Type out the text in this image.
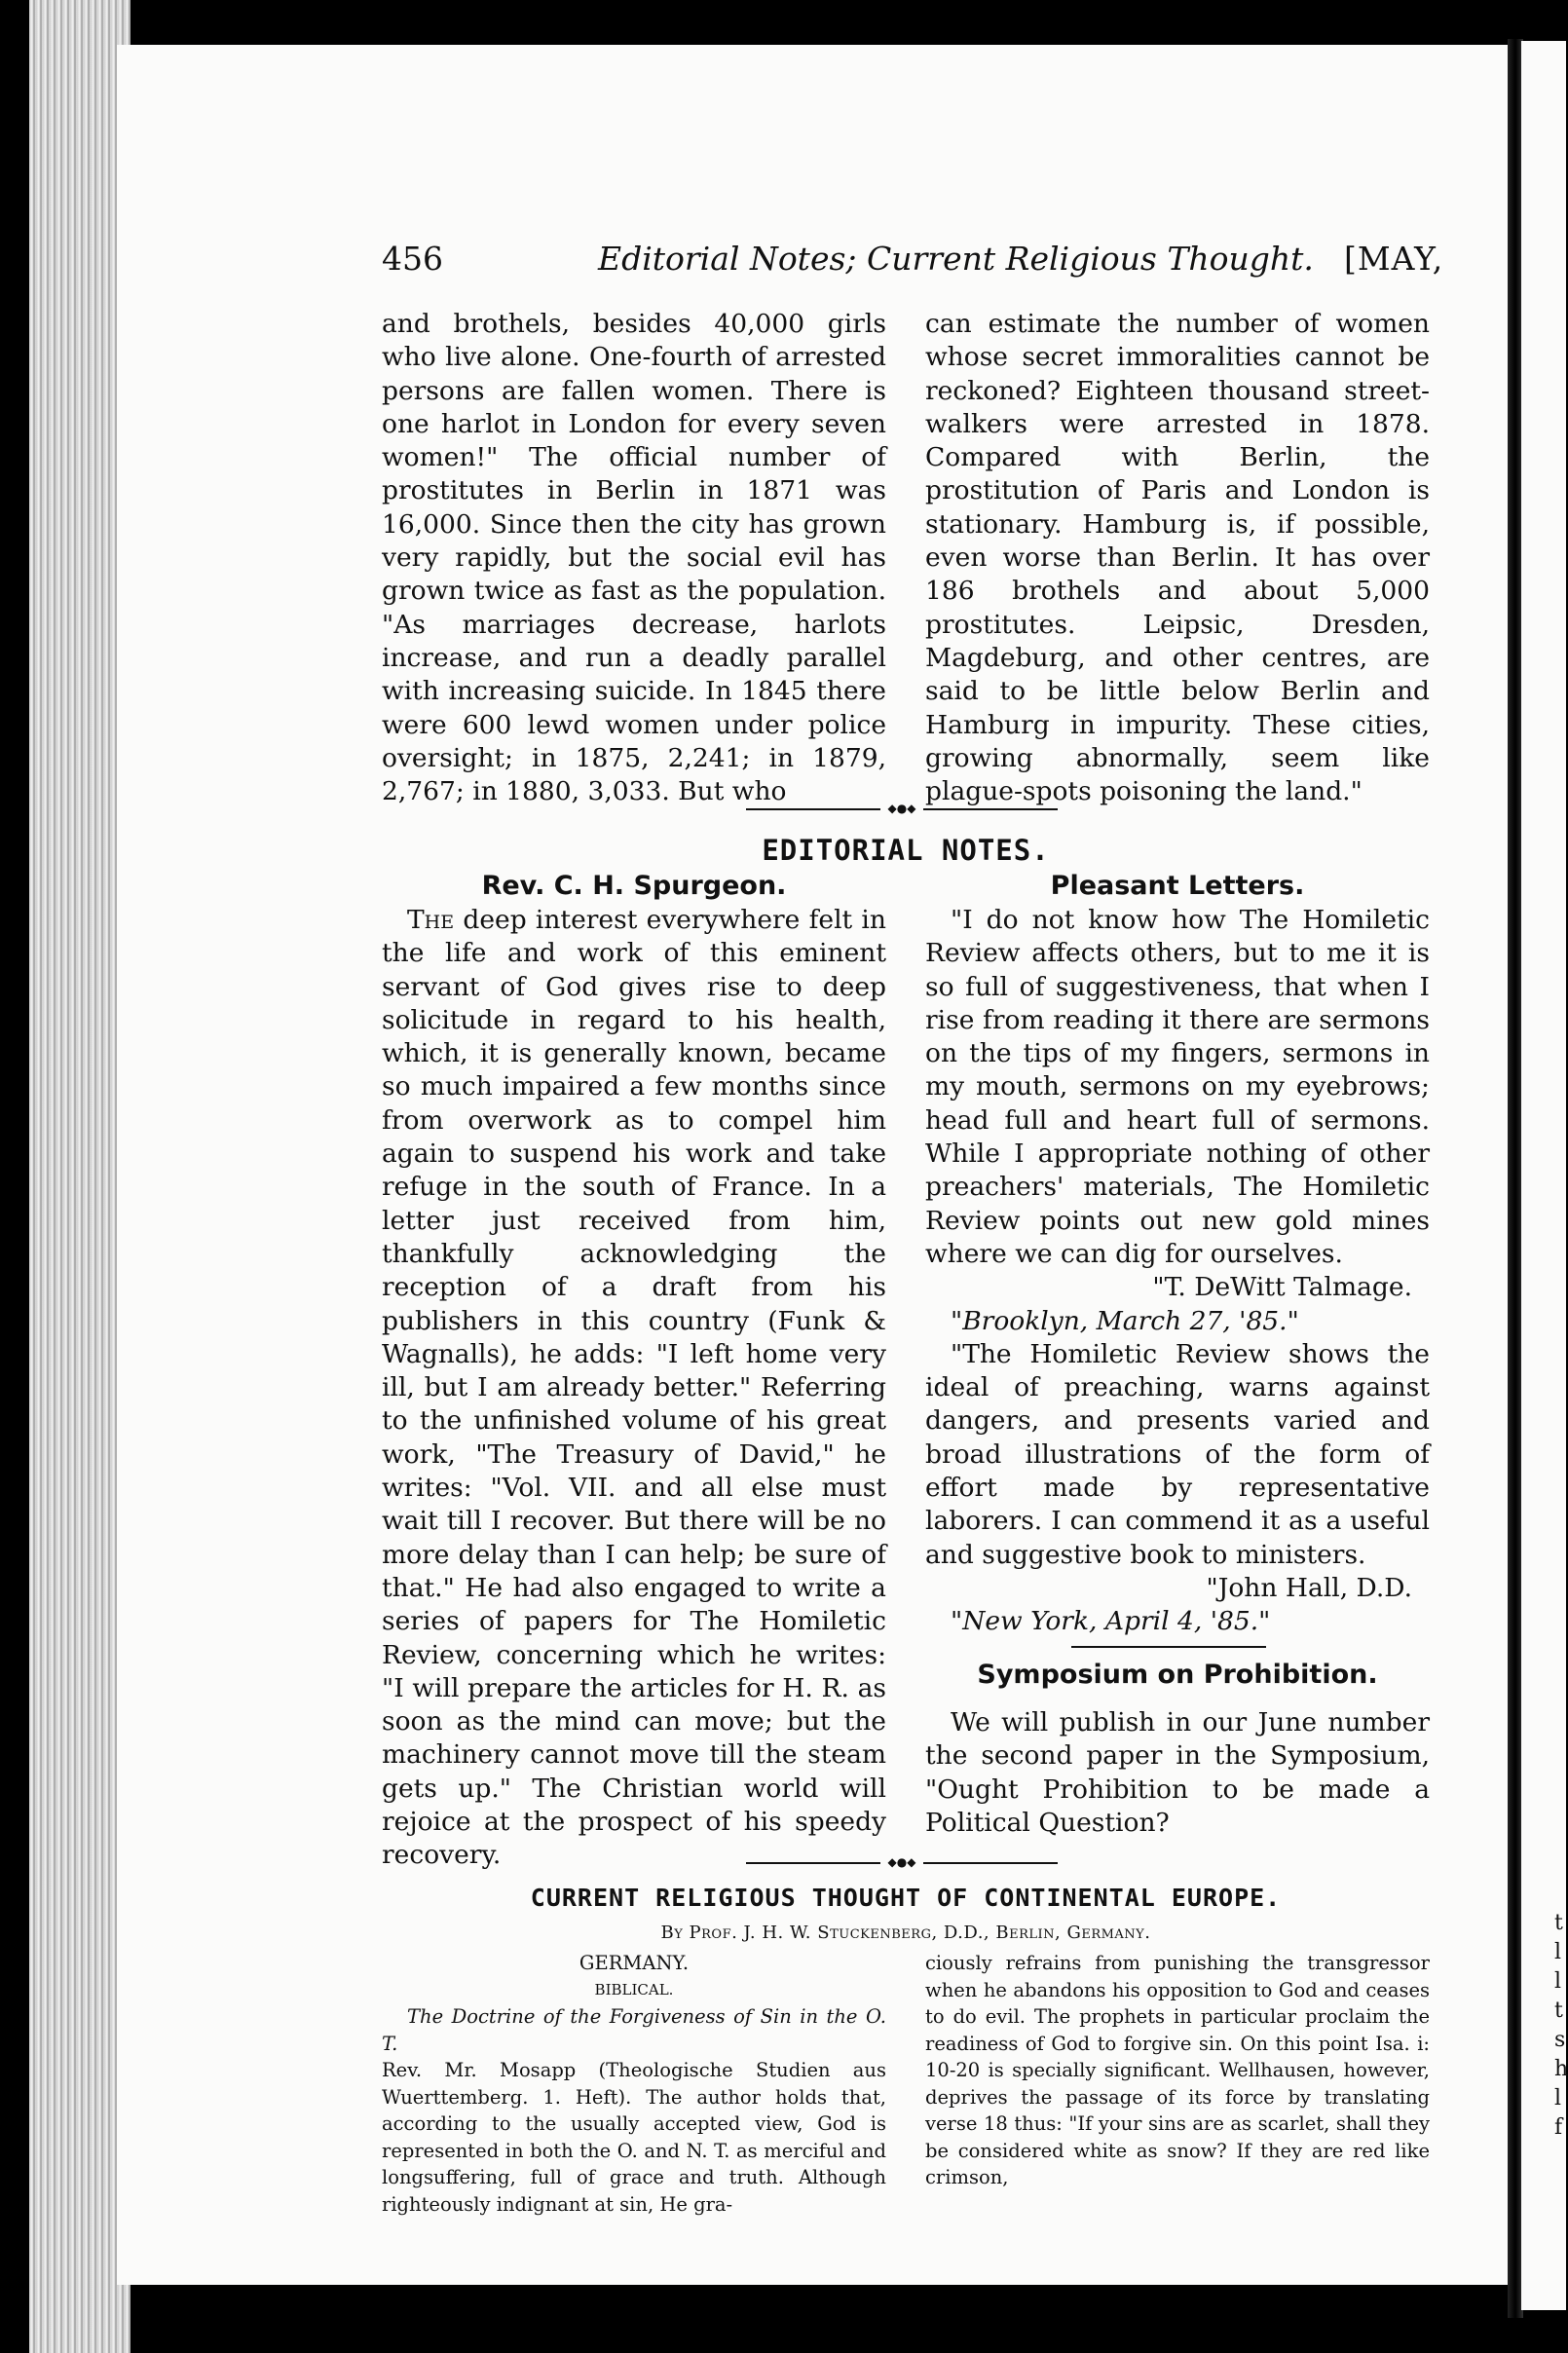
t
l
l
t
s
h
l
f
456	Editorial Notes; Current Religious Thought. [MAY,

and brothels, besides 40,000 girls who live alone. One-fourth of arrested persons are fallen women. There is one harlot in London for every seven women!" The official number of prostitutes in Berlin in 1871 was 16,000. Since then the city has grown very rapidly, but the social evil has grown twice as fast as the population. "As marriages decrease, harlots increase, and run a deadly parallel with increasing suicide. In 1845 there were 600 lewd women under police oversight; in 1875, 2,241; in 1879, 2,767; in 1880, 3,033. But who

can estimate the number of women whose secret immoralities cannot be reckoned? Eighteen thousand street-walkers were arrested in 1878. Compared with Berlin, the prostitution of Paris and London is stationary. Hamburg is, if possible, even worse than Berlin. It has over 186 brothels and about 5,000 prostitutes. Leipsic, Dresden, Magdeburg, and other centres, are said to be little below Berlin and Hamburg in impurity. These cities, growing abnormally, seem like plague-spots poisoning the land."

◆●◆
EDITORIAL NOTES.
Rev. C. H. Spurgeon.

The deep interest everywhere felt in the life and work of this eminent servant of God gives rise to deep solicitude in regard to his health, which, it is generally known, became so much impaired a few months since from overwork as to compel him again to suspend his work and take refuge in the south of France. In a letter just received from him, thankfully acknowledging the reception of a draft from his publishers in this country (Funk & Wagnalls), he adds: "I left home very ill, but I am already better." Referring to the unfinished volume of his great work, "The Treasury of David," he writes: "Vol. VII. and all else must wait till I recover. But there will be no more delay than I can help; be sure of that." He had also engaged to write a series of papers for The Homiletic Review, concerning which he writes: "I will prepare the articles for H. R. as soon as the mind can move; but the machinery cannot move till the steam gets up." The Christian world will rejoice at the prospect of his speedy recovery.

Pleasant Letters.

"I do not know how The Homiletic Review affects others, but to me it is so full of suggestiveness, that when I rise from reading it there are sermons on the tips of my fingers, sermons in my mouth, sermons on my eyebrows; head full and heart full of sermons. While I appropriate nothing of other preachers' materials, The Homiletic Review points out new gold mines where we can dig for ourselves.

"T. DeWitt Talmage.

"Brooklyn, March 27, '85."

"The Homiletic Review shows the ideal of preaching, warns against dangers, and presents varied and broad illustrations of the form of effort made by representative laborers. I can commend it as a useful and suggestive book to ministers.

"John Hall, D.D.

"New York, April 4, '85."

Symposium on Prohibition.

We will publish in our June number the second paper in the Symposium, "Ought Prohibition to be made a Political Question?

◆●◆
CURRENT RELIGIOUS THOUGHT OF CONTINENTAL EUROPE.
By Prof. J. H. W. Stuckenberg, D.D., Berlin, Germany.

GERMANY.

BIBLICAL.

The Doctrine of the Forgiveness of Sin in the O. T.

Rev. Mr. Mosapp (Theologische Studien aus Wuerttemberg. 1. Heft). The author holds that, according to the usually accepted view, God is represented in both the O. and N. T. as merciful and longsuffering, full of grace and truth. Although righteously indignant at sin, He gra-

ciously refrains from punishing the transgressor when he abandons his opposition to God and ceases to do evil. The prophets in particular proclaim the readiness of God to forgive sin. On this point Isa. i: 10-20 is specially significant. Wellhausen, however, deprives the passage of its force by translating verse 18 thus: "If your sins are as scarlet, shall they be considered white as snow? If they are red like crimson,
